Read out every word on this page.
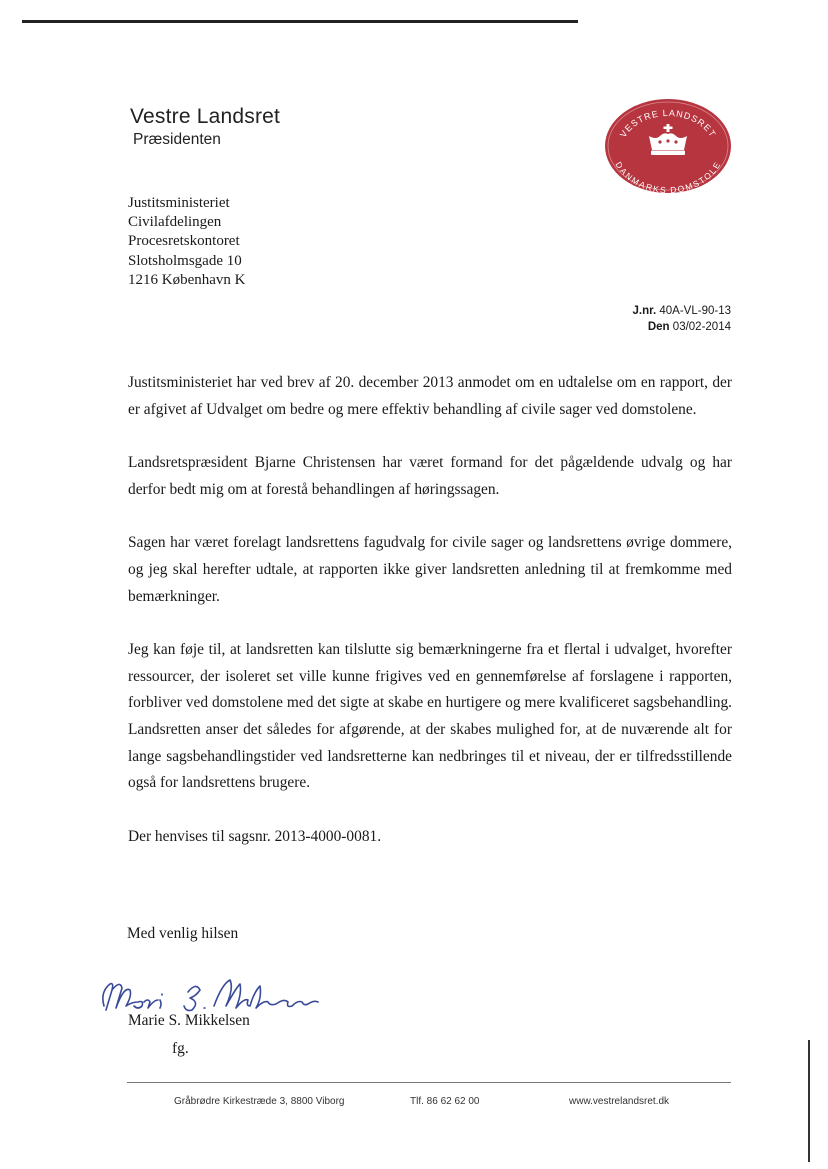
Vestre Landsret
Præsidenten	VESTRE LANDSRET
DANMARKS DOMSTOLE
Justitsministeriet
Civilafdelingen
Procesretskontoret
Slotsholmsgade 10
1216 København K
J.nr. 40A-VL-90-13
Den 03/02-2014

Justitsministeriet har ved brev af 20. december 2013 anmodet om en udtalelse om en rapport, der er afgivet af Udvalget om bedre og mere effektiv behandling af civile sager ved domstolene.

Landsretspræsident Bjarne Christensen har været formand for det pågældende udvalg og har derfor bedt mig om at forestå behandlingen af høringssagen.

Sagen har været forelagt landsrettens fagudvalg for civile sager og landsrettens øvrige dommere, og jeg skal herefter udtale, at rapporten ikke giver landsretten anledning til at fremkomme med bemærkninger.

Jeg kan føje til, at landsretten kan tilslutte sig bemærkningerne fra et flertal i udvalget, hvorefter ressourcer, der isoleret set ville kunne frigives ved en gennemførelse af forslagene i rapporten, forbliver ved domstolene med det sigte at skabe en hurtigere og mere kvalificeret sagsbehandling. Landsretten anser det således for afgørende, at der skabes mulighed for, at de nuværende alt for lange sagsbehandlingstider ved landsretterne kan nedbringes til et niveau, der er tilfredsstillende også for landsrettens brugere.

Der henvises til sagsnr. 2013-4000-0081.

Med venlig hilsen
Marie S. Mikkelsen
fg.
Gråbrødre Kirkestræde 3, 8800 Viborg	Tlf. 86 62 62 00	www.vestrelandsret.dk
